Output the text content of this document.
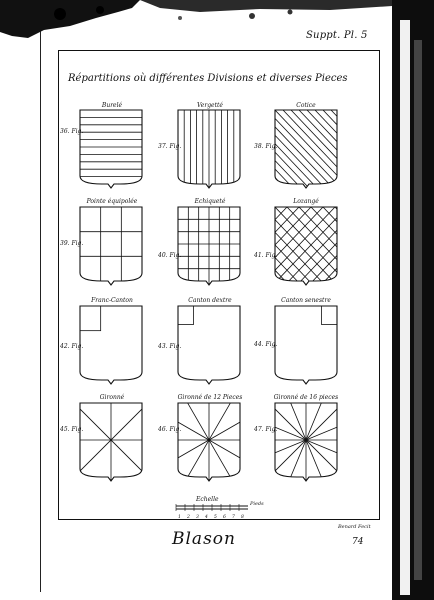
Suppt. Pl. 5
Répartitions où différentes Divisions et diverses Pieces
1 2 3 4 5 6 7 8
Burelé	Vergetté	Cotice
Pointe équipolée	Echiqueté	Lozangé
Franc-Canton	Canton dextre	Canton senestre
Gironné	Gironné de 12 Pieces	Gironné de 16 pieces
36. Fig.
37. Fig.	38. Fig.
39. Fig.
40. Fig.	41. Fig.
42. Fig.	43. Fig.	44. Fig.
45. Fig.	46. Fig.	47. Fig.
Echelle
Pieds
Benard Fecit
Blason	74
